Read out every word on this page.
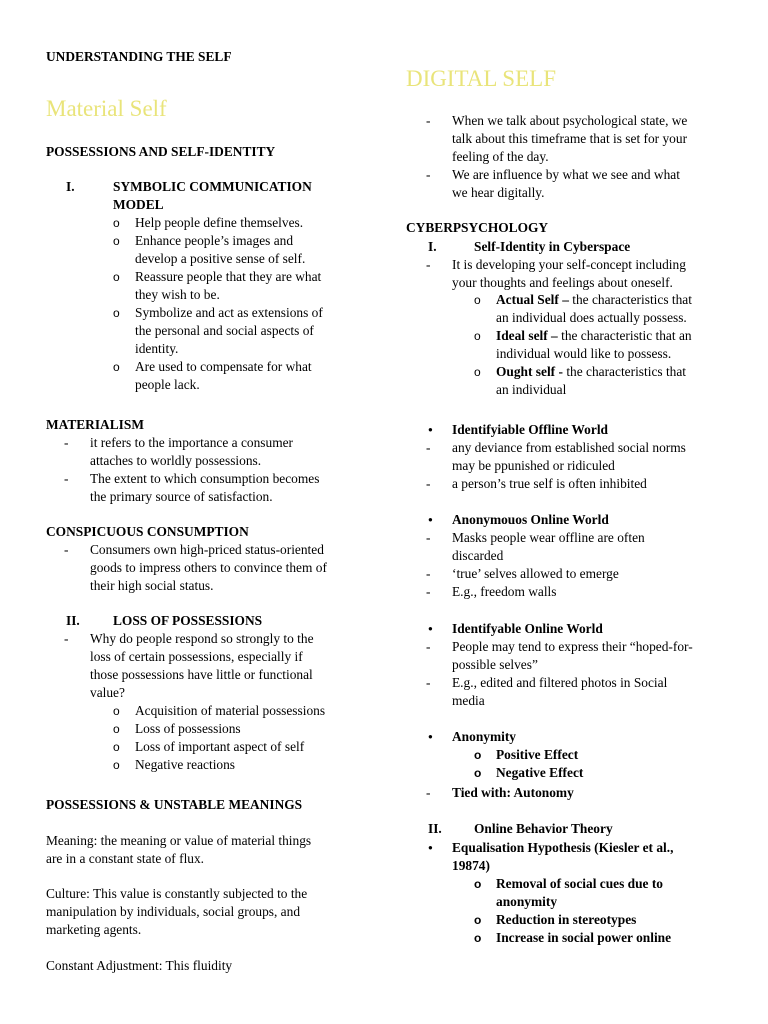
UNDERSTANDING THE SELF
Material Self
POSSESSIONS AND SELF-IDENTITY
I.	SYMBOLIC COMMUNICATION
MODEL
o
Help people define themselves.
o
Enhance people’s images and
develop a positive sense of self.
o
Reassure people that they are what
they wish to be.
o
Symbolize and act as extensions of
the personal and social aspects of
identity.
o
Are used to compensate for what
people lack.
MATERIALISM
-
it refers to the importance a consumer
attaches to worldly possessions.
-
The extent to which consumption becomes
the primary source of satisfaction.
CONSPICUOUS CONSUMPTION
-
Consumers own high-priced status-oriented
goods to impress others to convince them of
their high social status.
II. LOSS OF POSSESSIONS
-
Why do people respond so strongly to the
loss of certain possessions, especially if
those possessions have little or functional
value?
o
Acquisition of material possessions
o
Loss of possessions
o
Loss of important aspect of self
o
Negative reactions
POSSESSIONS & UNSTABLE MEANINGS
Meaning: the meaning or value of material things
are in a constant state of flux.
Culture: This value is constantly subjected to the
manipulation by individuals, social groups, and
marketing agents.
Constant Adjustment: This fluidity
DIGITAL SELF
-
When we talk about psychological state, we
talk about this timeframe that is set for your
feeling of the day.
-
We are influence by what we see and what
we hear digitally.
CYBERPSYCHOLOGY
I.	Self-Identity in Cyberspace
-
It is developing your self-concept including
your thoughts and feelings about oneself.
o
Actual Self – the characteristics that
an individual does actually possess.
o
Ideal self – the characteristic that an
individual would like to possess.
o
Ought self - the characteristics that
an individual
●
Identifyiable Offline World
-
any deviance from established social norms
may be ppunished or ridiculed
-
a person’s true self is often inhibited
●
Anonymouos Online World
-
Masks people wear offline are often
discarded
-
‘true’ selves allowed to emerge
-
E.g., freedom walls
●
Identifyable Online World
-
People may tend to express their “hoped-for-
possible selves”
-
E.g., edited and filtered photos in Social
media
●
Anonymity
o
Positive Effect
o
Negative Effect
-
Tied with: Autonomy
II. Online Behavior Theory
●
Equalisation Hypothesis (Kiesler et al.,
19874)
o
Removal of social cues due to
anonymity
o
Reduction in stereotypes
o
Increase in social power online
